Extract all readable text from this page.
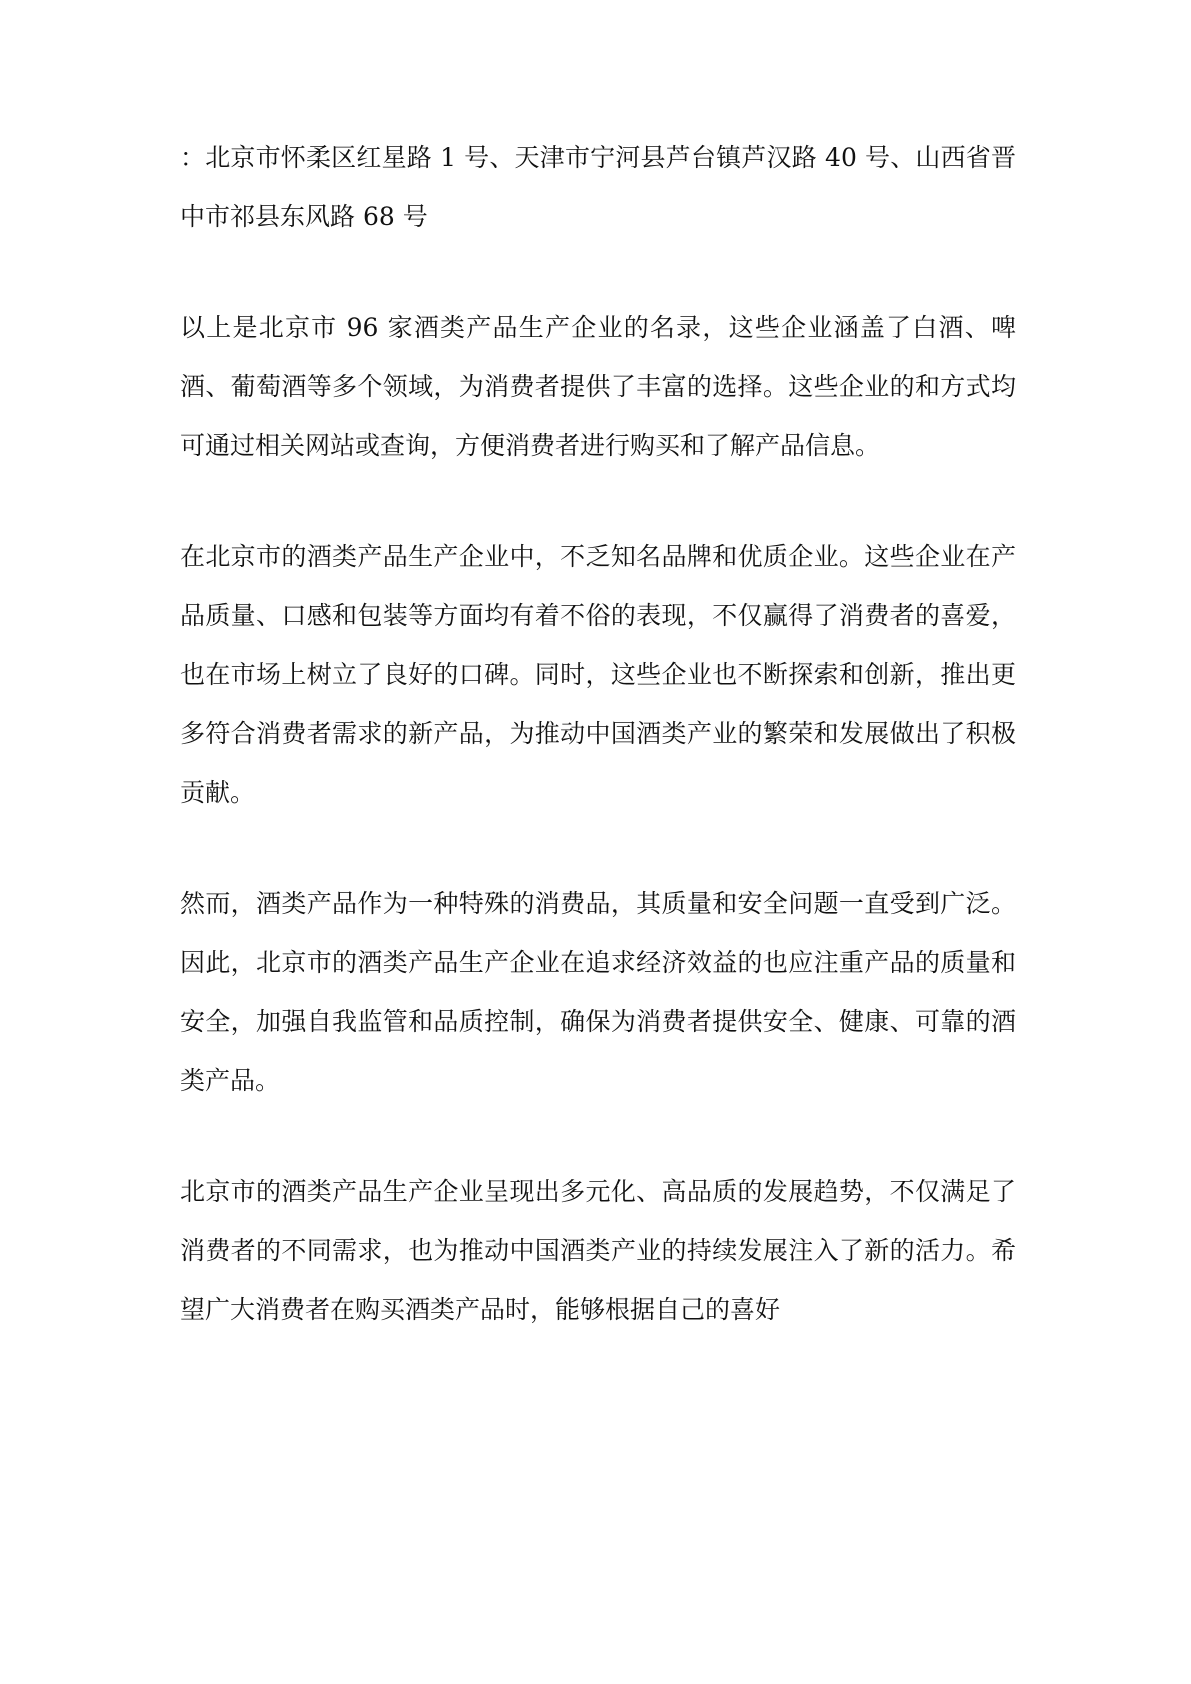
：北京市怀柔区红星路 1 号、天津市宁河县芦台镇芦汉路 40 号、山西省晋中市祁县东风路 68 号

以上是北京市 96 家酒类产品生产企业的名录，这些企业涵盖了白酒、啤酒、葡萄酒等多个领域，为消费者提供了丰富的选择。这些企业的和方式均可通过相关网站或查询，方便消费者进行购买和了解产品信息。

在北京市的酒类产品生产企业中，不乏知名品牌和优质企业。这些企业在产品质量、口感和包装等方面均有着不俗的表现，不仅赢得了消费者的喜爱，也在市场上树立了良好的口碑。同时，这些企业也不断探索和创新，推出更多符合消费者需求的新产品，为推动中国酒类产业的繁荣和发展做出了积极贡献。

然而，酒类产品作为一种特殊的消费品，其质量和安全问题一直受到广泛。因此，北京市的酒类产品生产企业在追求经济效益的也应注重产品的质量和安全，加强自我监管和品质控制，确保为消费者提供安全、健康、可靠的酒类产品。

北京市的酒类产品生产企业呈现出多元化、高品质的发展趋势，不仅满足了消费者的不同需求，也为推动中国酒类产业的持续发展注入了新的活力。希望广大消费者在购买酒类产品时，能够根据自己的喜好
